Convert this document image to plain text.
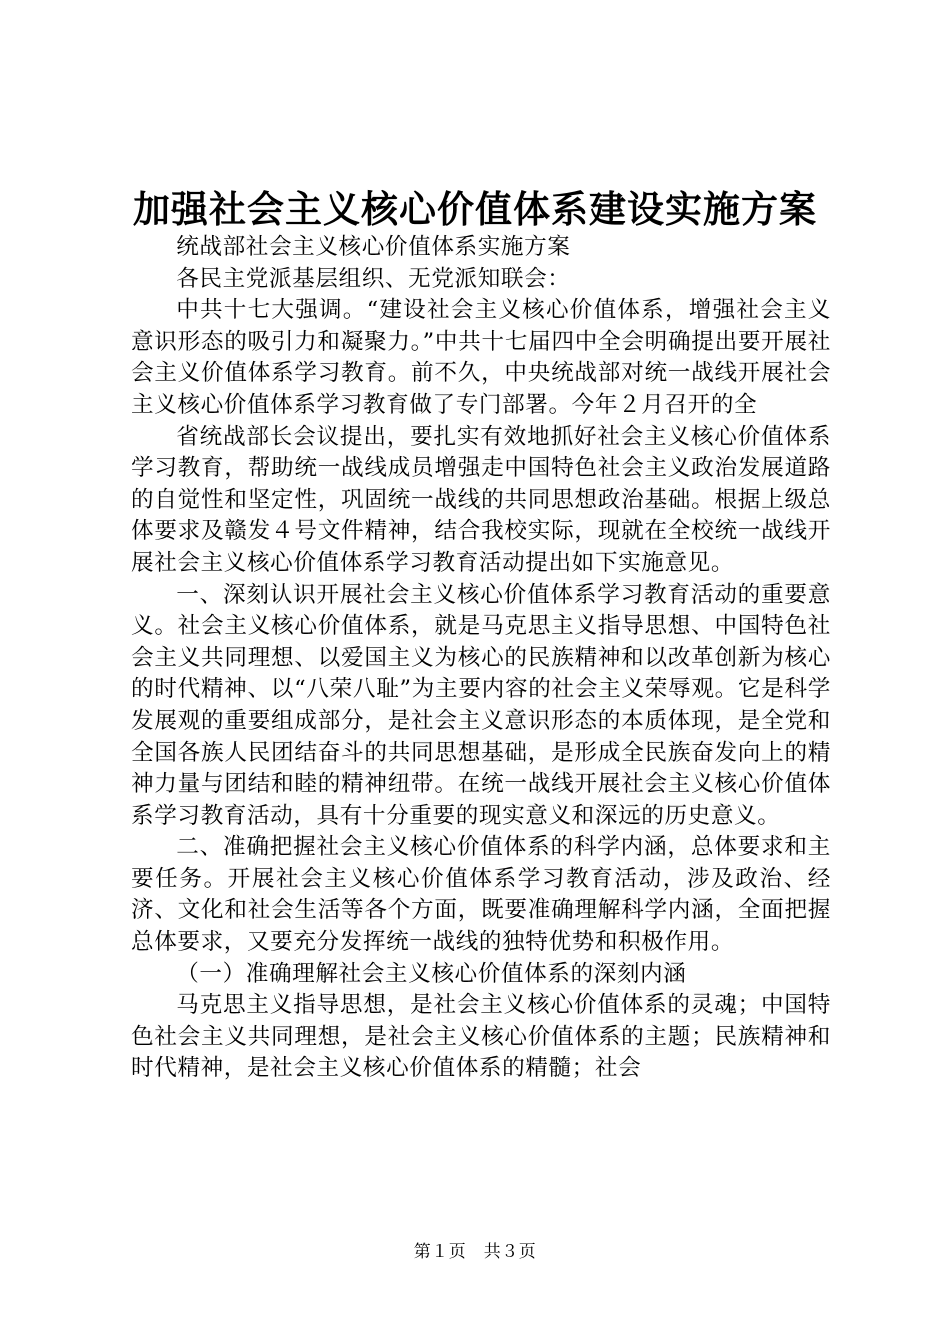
加强社会主义核心价值体系建设实施方案

统战部社会主义核心价值体系实施方案

各民主党派基层组织、无党派知联会：

中共十七大强调。“建设社会主义核心价值体系，增强社会主义意识形态的吸引力和凝聚力。”中共十七届四中全会明确提出要开展社会主义价值体系学习教育。前不久，中央统战部对统一战线开展社会主义核心价值体系学习教育做了专门部署。今年２月召开的全

省统战部长会议提出，要扎实有效地抓好社会主义核心价值体系学习教育，帮助统一战线成员增强走中国特色社会主义政治发展道路的自觉性和坚定性，巩固统一战线的共同思想政治基础。根据上级总体要求及赣发４号文件精神，结合我校实际，现就在全校统一战线开展社会主义核心价值体系学习教育活动提出如下实施意见。

一、深刻认识开展社会主义核心价值体系学习教育活动的重要意义。社会主义核心价值体系，就是马克思主义指导思想、中国特色社会主义共同理想、以爱国主义为核心的民族精神和以改革创新为核心的时代精神、以“八荣八耻”为主要内容的社会主义荣辱观。它是科学发展观的重要组成部分，是社会主义意识形态的本质体现，是全党和全国各族人民团结奋斗的共同思想基础，是形成全民族奋发向上的精神力量与团结和睦的精神纽带。在统一战线开展社会主义核心价值体系学习教育活动，具有十分重要的现实意义和深远的历史意义。

二、准确把握社会主义核心价值体系的科学内涵，总体要求和主要任务。开展社会主义核心价值体系学习教育活动，涉及政治、经济、文化和社会生活等各个方面，既要准确理解科学内涵，全面把握总体要求，又要充分发挥统一战线的独特优势和积极作用。

（一）准确理解社会主义核心价值体系的深刻内涵

马克思主义指导思想，是社会主义核心价值体系的灵魂；中国特色社会主义共同理想，是社会主义核心价值体系的主题；民族精神和时代精神，是社会主义核心价值体系的精髓；社会

第１页　共３页
